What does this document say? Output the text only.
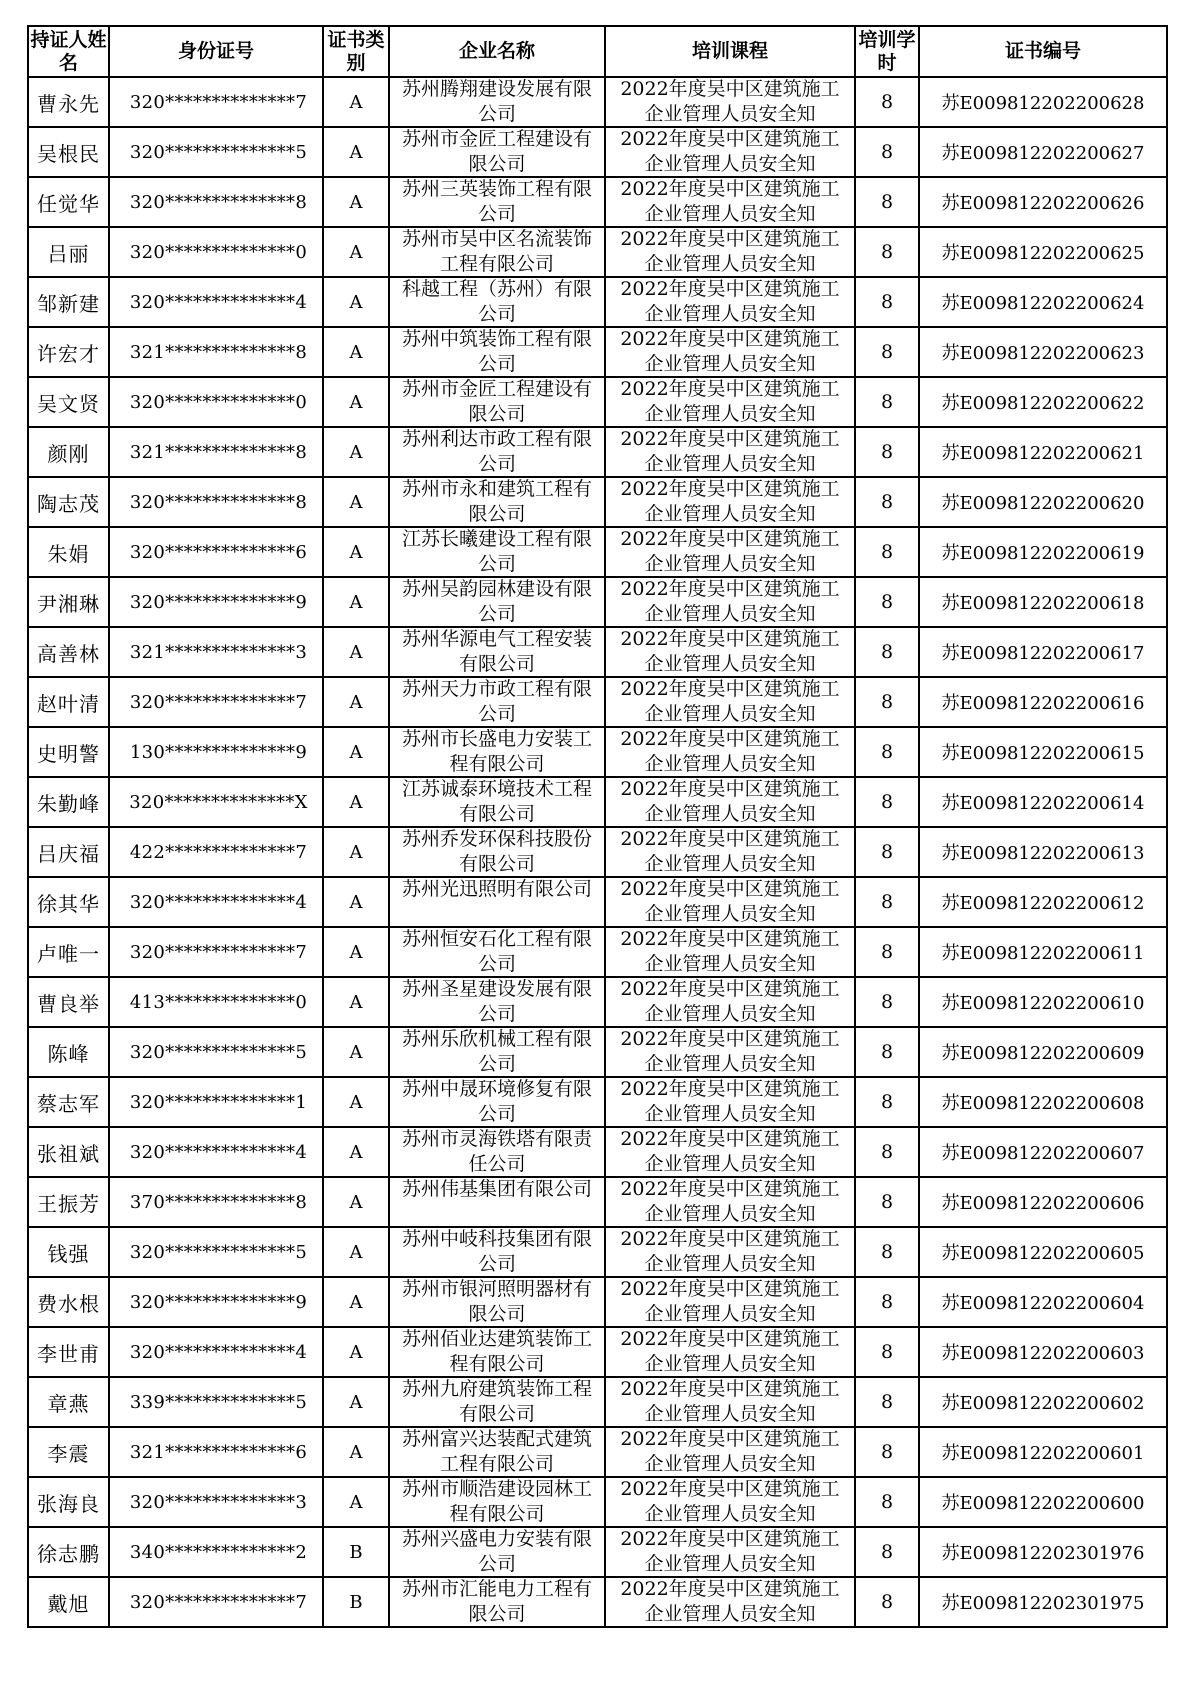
持证人姓名	身份证号	证书类别	企业名称	培训课程	培训学时	证书编号
曹永先	320**************7	A	苏州腾翔建设发展有限公司	2022年度吴中区建筑施工企业管理人员安全知	8	苏E009812202200628
吴根民	320**************5	A	苏州市金匠工程建设有限公司	2022年度吴中区建筑施工企业管理人员安全知	8	苏E009812202200627
任觉华	320**************8	A	苏州三英装饰工程有限公司	2022年度吴中区建筑施工企业管理人员安全知	8	苏E009812202200626
吕丽	320**************0	A	苏州市吴中区名流装饰工程有限公司	2022年度吴中区建筑施工企业管理人员安全知	8	苏E009812202200625
邹新建	320**************4	A	科越工程（苏州）有限公司	2022年度吴中区建筑施工企业管理人员安全知	8	苏E009812202200624
许宏才	321**************8	A	苏州中筑装饰工程有限公司	2022年度吴中区建筑施工企业管理人员安全知	8	苏E009812202200623
吴文贤	320**************0	A	苏州市金匠工程建设有限公司	2022年度吴中区建筑施工企业管理人员安全知	8	苏E009812202200622
颜刚	321**************8	A	苏州利达市政工程有限公司	2022年度吴中区建筑施工企业管理人员安全知	8	苏E009812202200621
陶志茂	320**************8	A	苏州市永和建筑工程有限公司	2022年度吴中区建筑施工企业管理人员安全知	8	苏E009812202200620
朱娟	320**************6	A	江苏长曦建设工程有限公司	2022年度吴中区建筑施工企业管理人员安全知	8	苏E009812202200619
尹湘琳	320**************9	A	苏州吴韵园林建设有限公司	2022年度吴中区建筑施工企业管理人员安全知	8	苏E009812202200618
高善林	321**************3	A	苏州华源电气工程安装有限公司	2022年度吴中区建筑施工企业管理人员安全知	8	苏E009812202200617
赵叶清	320**************7	A	苏州天力市政工程有限公司	2022年度吴中区建筑施工企业管理人员安全知	8	苏E009812202200616
史明警	130**************9	A	苏州市长盛电力安装工程有限公司	2022年度吴中区建筑施工企业管理人员安全知	8	苏E009812202200615
朱勤峰	320**************X	A	江苏诚泰环境技术工程有限公司	2022年度吴中区建筑施工企业管理人员安全知	8	苏E009812202200614
吕庆福	422**************7	A	苏州乔发环保科技股份有限公司	2022年度吴中区建筑施工企业管理人员安全知	8	苏E009812202200613
徐其华	320**************4	A	苏州光迅照明有限公司	2022年度吴中区建筑施工企业管理人员安全知	8	苏E009812202200612
卢唯一	320**************7	A	苏州恒安石化工程有限公司	2022年度吴中区建筑施工企业管理人员安全知	8	苏E009812202200611
曹良举	413**************0	A	苏州圣星建设发展有限公司	2022年度吴中区建筑施工企业管理人员安全知	8	苏E009812202200610
陈峰	320**************5	A	苏州乐欣机械工程有限公司	2022年度吴中区建筑施工企业管理人员安全知	8	苏E009812202200609
蔡志军	320**************1	A	苏州中晟环境修复有限公司	2022年度吴中区建筑施工企业管理人员安全知	8	苏E009812202200608
张祖斌	320**************4	A	苏州市灵海铁塔有限责任公司	2022年度吴中区建筑施工企业管理人员安全知	8	苏E009812202200607
王振芳	370**************8	A	苏州伟基集团有限公司	2022年度吴中区建筑施工企业管理人员安全知	8	苏E009812202200606
钱强	320**************5	A	苏州中岐科技集团有限公司	2022年度吴中区建筑施工企业管理人员安全知	8	苏E009812202200605
费水根	320**************9	A	苏州市银河照明器材有限公司	2022年度吴中区建筑施工企业管理人员安全知	8	苏E009812202200604
李世甫	320**************4	A	苏州佰业达建筑装饰工程有限公司	2022年度吴中区建筑施工企业管理人员安全知	8	苏E009812202200603
章燕	339**************5	A	苏州九府建筑装饰工程有限公司	2022年度吴中区建筑施工企业管理人员安全知	8	苏E009812202200602
李震	321**************6	A	苏州富兴达装配式建筑工程有限公司	2022年度吴中区建筑施工企业管理人员安全知	8	苏E009812202200601
张海良	320**************3	A	苏州市顺浩建设园林工程有限公司	2022年度吴中区建筑施工企业管理人员安全知	8	苏E009812202200600
徐志鹏	340**************2	B	苏州兴盛电力安装有限公司	2022年度吴中区建筑施工企业管理人员安全知	8	苏E009812202301976
戴旭	320**************7	B	苏州市汇能电力工程有限公司	2022年度吴中区建筑施工企业管理人员安全知	8	苏E009812202301975
